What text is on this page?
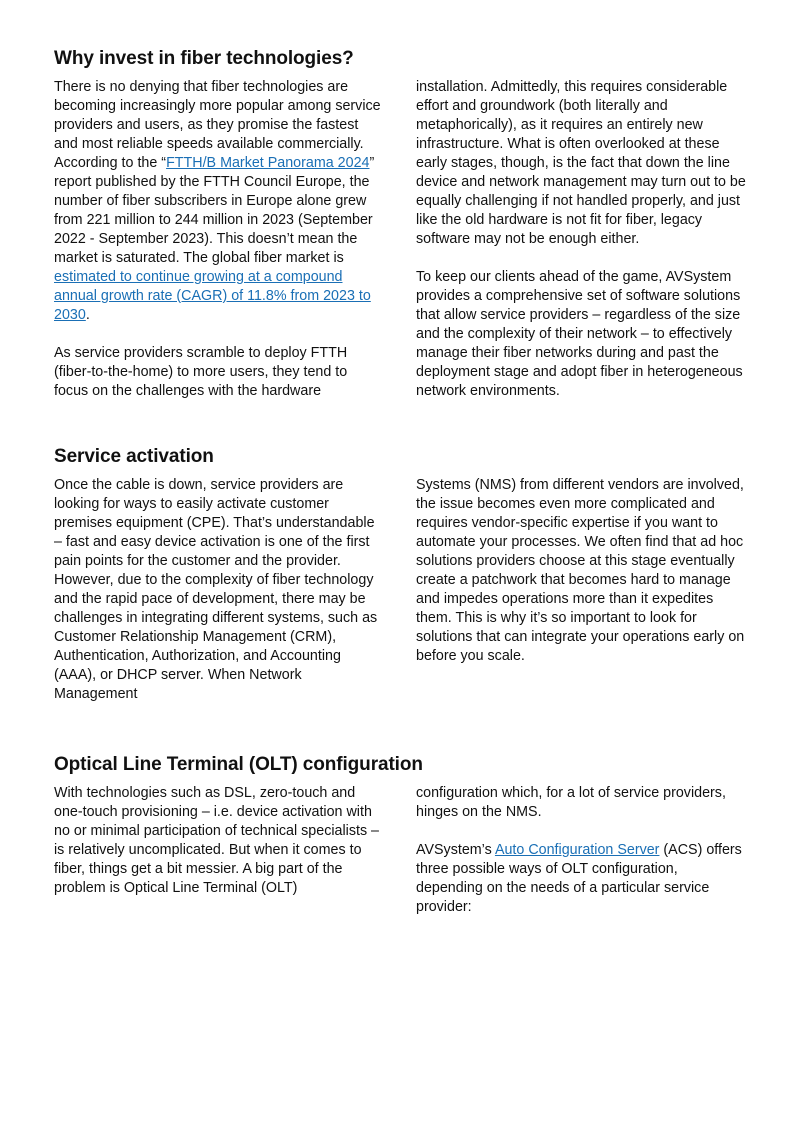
Why invest in fiber technologies?

There is no denying that fiber technologies are becoming increasingly more popular among service providers and users, as they promise the fastest and most reliable speeds available commercially. According to the “FTTH/B Market Panorama 2024” report published by the FTTH Council Europe, the number of fiber subscribers in Europe alone grew from 221 million to 244 million in 2023 (September 2022 - September 2023). This doesn’t mean the market is saturated. The global fiber market is estimated to continue growing at a compound annual growth rate (CAGR) of 11.8% from 2023 to 2030.

As service providers scramble to deploy FTTH (fiber-to-the-home) to more users, they tend to focus on the challenges with the hardware

installation. Admittedly, this requires considerable effort and groundwork (both literally and metaphorically), as it requires an entirely new infrastructure. What is often overlooked at these early stages, though, is the fact that down the line device and network management may turn out to be equally challenging if not handled properly, and just like the old hardware is not fit for fiber, legacy software may not be enough either.

To keep our clients ahead of the game, AVSystem provides a comprehensive set of software solutions that allow service providers – regardless of the size and the complexity of their network – to effectively manage their fiber networks during and past the deployment stage and adopt fiber in heterogeneous network environments.

Service activation

Once the cable is down, service providers are looking for ways to easily activate customer premises equipment (CPE). That’s understandable – fast and easy device activation is one of the first pain points for the customer and the provider. However, due to the complexity of fiber technology and the rapid pace of development, there may be challenges in integrating different systems, such as Customer Relationship Management (CRM), Authentication, Authorization, and Accounting (AAA), or DHCP server. When Network Management

Systems (NMS) from different vendors are involved, the issue becomes even more complicated and requires vendor-specific expertise if you want to automate your processes. We often find that ad hoc solutions providers choose at this stage eventually create a patchwork that becomes hard to manage and impedes operations more than it expedites them. This is why it’s so important to look for solutions that can integrate your operations early on before you scale.

Optical Line Terminal (OLT) configuration

With technologies such as DSL, zero-touch and one-touch provisioning – i.e. device activation with no or minimal participation of technical specialists – is relatively uncomplicated. But when it comes to fiber, things get a bit messier. A big part of the problem is Optical Line Terminal (OLT)

configuration which, for a lot of service providers, hinges on the NMS.

AVSystem’s Auto Configuration Server (ACS) offers three possible ways of OLT configuration, depending on the needs of a particular service provider:
